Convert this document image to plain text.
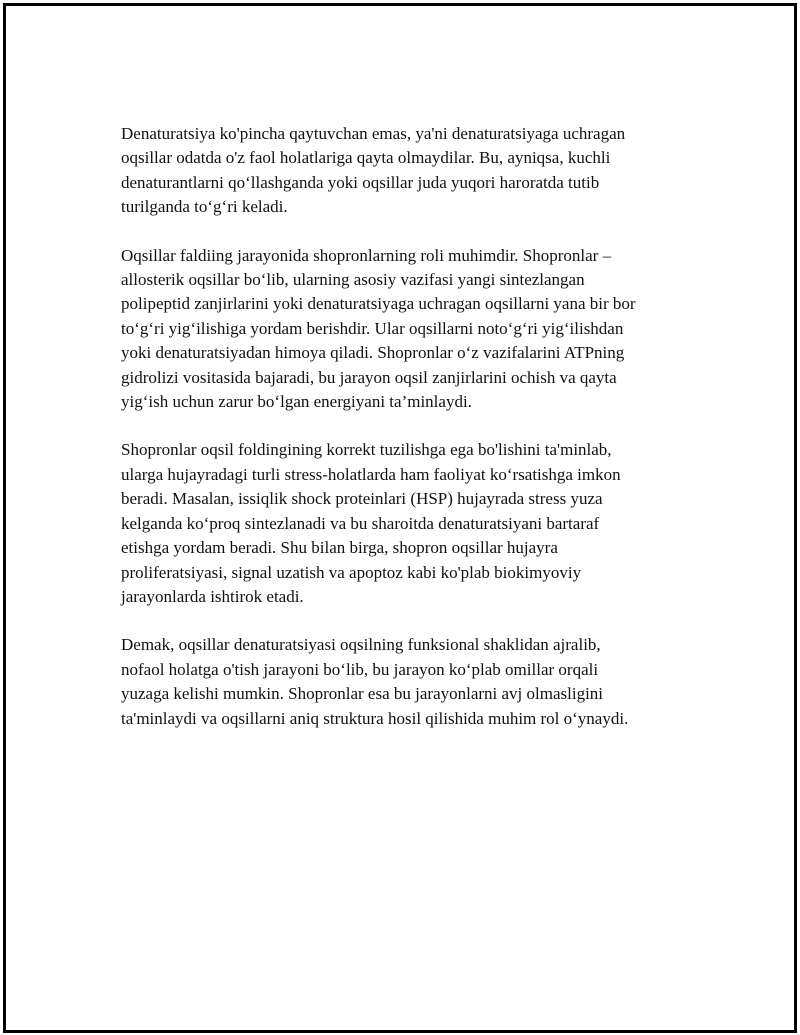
Denaturatsiya ko'pincha qaytuvchan emas, ya'ni denaturatsiyaga uchragan
oqsillar odatda o'z faol holatlariga qayta olmaydilar. Bu, ayniqsa, kuchli
denaturantlarni qo‘llashganda yoki oqsillar juda yuqori haroratda tutib
turilganda to‘g‘ri keladi.

Oqsillar faldiing jarayonida shopronlarning roli muhimdir. Shopronlar –
allosterik oqsillar bo‘lib, ularning asosiy vazifasi yangi sintezlangan
polipeptid zanjirlarini yoki denaturatsiyaga uchragan oqsillarni yana bir bor
to‘g‘ri yig‘ilishiga yordam berishdir. Ular oqsillarni noto‘g‘ri yig‘ilishdan
yoki denaturatsiyadan himoya qiladi. Shopronlar o‘z vazifalarini ATPning
gidrolizi vositasida bajaradi, bu jarayon oqsil zanjirlarini ochish va qayta
yig‘ish uchun zarur bo‘lgan energiyani ta’minlaydi.

Shopronlar oqsil foldingining korrekt tuzilishga ega bo'lishini ta'minlab,
ularga hujayradagi turli stress-holatlarda ham faoliyat ko‘rsatishga imkon
beradi. Masalan, issiqlik shock proteinlari (HSP) hujayrada stress yuza
kelganda ko‘proq sintezlanadi va bu sharoitda denaturatsiyani bartaraf
etishga yordam beradi. Shu bilan birga, shopron oqsillar hujayra
proliferatsiyasi, signal uzatish va apoptoz kabi ko'plab biokimyoviy
jarayonlarda ishtirok etadi.

Demak, oqsillar denaturatsiyasi oqsilning funksional shaklidan ajralib,
nofaol holatga o'tish jarayoni bo‘lib, bu jarayon ko‘plab omillar orqali
yuzaga kelishi mumkin. Shopronlar esa bu jarayonlarni avj olmasligini
ta'minlaydi va oqsillarni aniq struktura hosil qilishida muhim rol o‘ynaydi.
